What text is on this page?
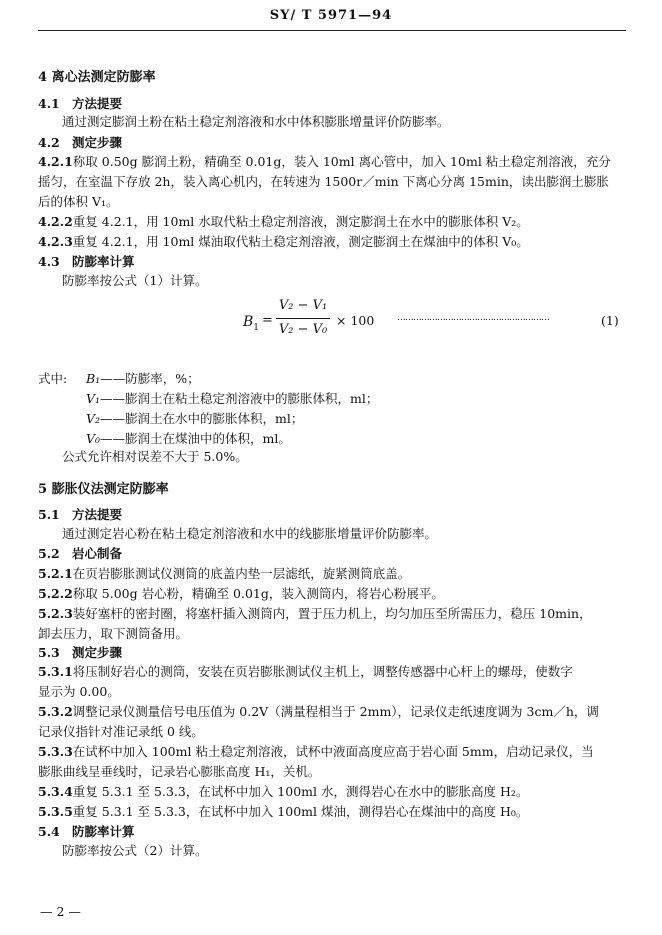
SY/ T 5971—94
4 离心法测定防膨率
4.1 方法提要
通过测定膨润土粉在粘土稳定剂溶液和水中体积膨胀增量评价防膨率。
4.2 测定步骤
4.2.1称取 0.50g 膨润土粉，精确至 0.01g，装入 10ml 离心管中，加入 10ml 粘土稳定剂溶液，充分
摇匀，在室温下存放 2h，装入离心机内，在转速为 1500r／min 下离心分离 15min，读出膨润土膨胀
后的体积 V₁。
4.2.2重复 4.2.1，用 10ml 水取代粘土稳定剂溶液，测定膨润土在水中的膨胀体积 V₂。
4.2.3重复 4.2.1，用 10ml 煤油取代粘土稳定剂溶液，测定膨润土在煤油中的体积 V₀。
4.3 防膨率计算
防膨率按公式（1）计算。
$B_1$ =
V₂ − V₁
V₂ − V₀
× 100	…………………………………………………	(1)
式中: B₁——防膨率，%；
V₁——膨润土在粘土稳定剂溶液中的膨胀体积，ml；
V₂——膨润土在水中的膨胀体积，ml；
V₀——膨润土在煤油中的体积，ml。
公式允许相对误差不大于 5.0%。
5 膨胀仪法测定防膨率
5.1 方法提要
通过测定岩心粉在粘土稳定剂溶液和水中的线膨胀增量评价防膨率。
5.2 岩心制备
5.2.1在页岩膨胀测试仪测筒的底盖内垫一层滤纸，旋紧测筒底盖。
5.2.2称取 5.00g 岩心粉，精确至 0.01g，装入测筒内，将岩心粉展平。
5.2.3装好塞杆的密封圈，将塞杆插入测筒内，置于压力机上，均匀加压至所需压力，稳压 10min，
卸去压力，取下测筒备用。
5.3 测定步骤
5.3.1将压制好岩心的测筒，安装在页岩膨胀测试仪主机上，调整传感器中心杆上的螺母，使数字
显示为 0.00。
5.3.2调整记录仪测量信号电压值为 0.2V（满量程相当于 2mm），记录仪走纸速度调为 3cm／h，调
记录仪指针对准记录纸 0 线。
5.3.3在试杯中加入 100ml 粘土稳定剂溶液，试杯中液面高度应高于岩心面 5mm，启动记录仪，当
膨胀曲线呈垂线时，记录岩心膨胀高度 H₁，关机。
5.3.4重复 5.3.1 至 5.3.3，在试杯中加入 100ml 水，测得岩心在水中的膨胀高度 H₂。
5.3.5重复 5.3.1 至 5.3.3，在试杯中加入 100ml 煤油，测得岩心在煤油中的高度 H₀。
5.4 防膨率计算
防膨率按公式（2）计算。
— 2 —
